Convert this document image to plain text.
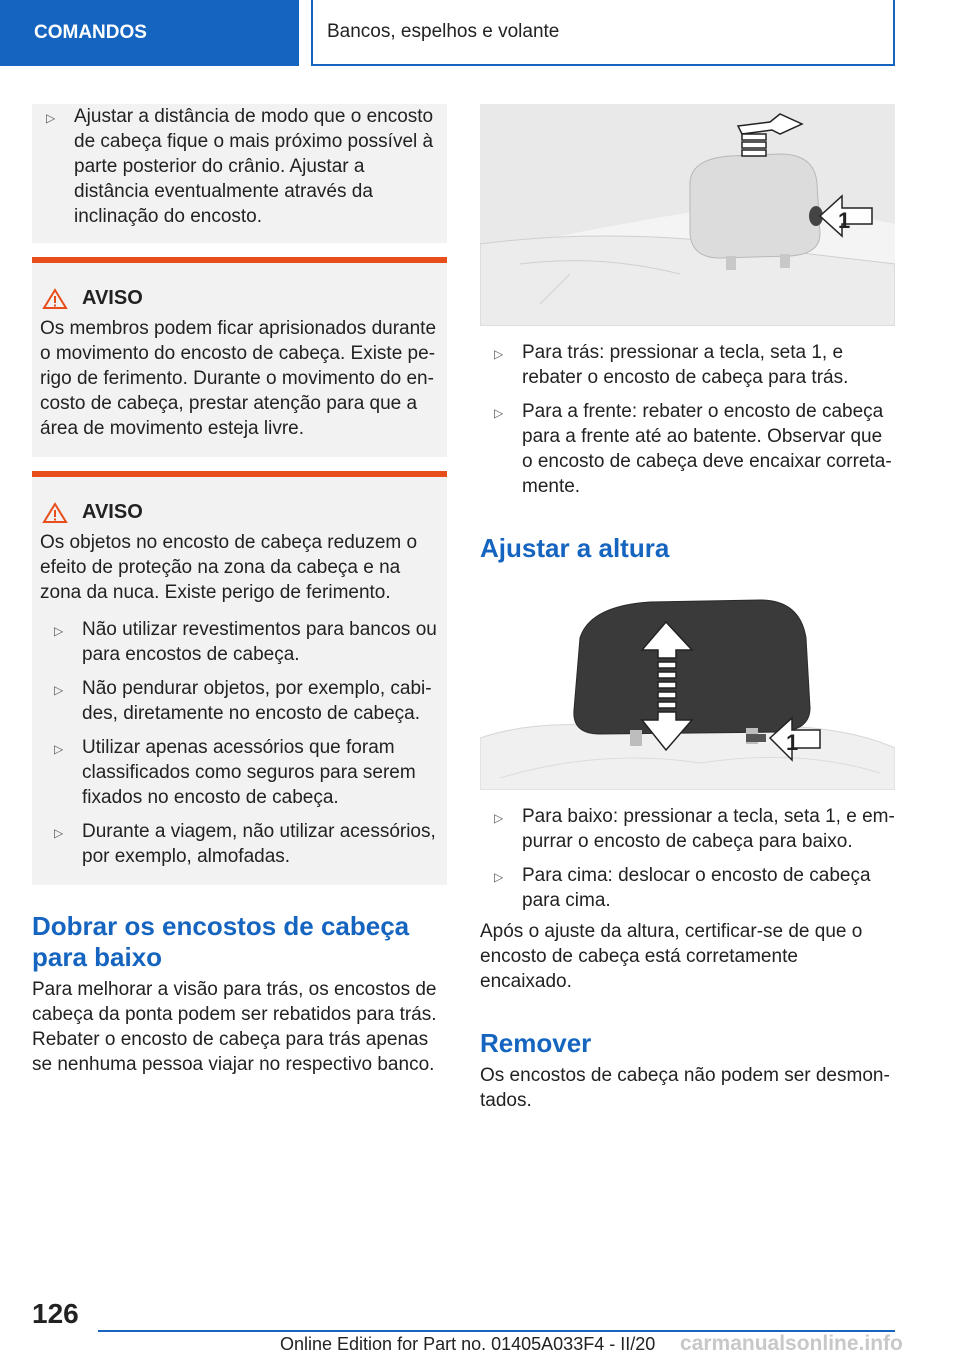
COMANDOS	Bancos, espelhos e volante

▷ Ajustar a distância de modo que o encosto de cabeça fique o mais próximo possível à parte posterior do crânio. Ajustar a distância eventualmente através da inclinação do encosto.

AVISO

Os membros podem ficar aprisionados durante o movimento do encosto de cabeça. Existe perigo de ferimento. Durante o movimento do encosto de cabeça, prestar atenção para que a área de movimento esteja livre.

AVISO

Os objetos no encosto de cabeça reduzem o efeito de proteção na zona da cabeça e na zona da nuca. Existe perigo de ferimento.

▷ Não utilizar revestimentos para bancos ou para encostos de cabeça.

▷ Não pendurar objetos, por exemplo, cabides, diretamente no encosto de cabeça.

▷ Utilizar apenas acessórios que foram classificados como seguros para serem fixados no encosto de cabeça.

▷ Durante a viagem, não utilizar acessórios, por exemplo, almofadas.

Dobrar os encostos de cabeça para baixo

Para melhorar a visão para trás, os encostos de cabeça da ponta podem ser rebatidos para trás. Rebater o encosto de cabeça para trás apenas se nenhuma pessoa viajar no respectivo banco.

1

▷ Para trás: pressionar a tecla, seta 1, e rebater o encosto de cabeça para trás.

▷ Para a frente: rebater o encosto de cabeça para a frente até ao batente. Observar que o encosto de cabeça deve encaixar corretamente.

Ajustar a altura
1

▷ Para baixo: pressionar a tecla, seta 1, e empurrar o encosto de cabeça para baixo.

▷ Para cima: deslocar o encosto de cabeça para cima.

Após o ajuste da altura, certificar-se de que o encosto de cabeça está corretamente encaixado.

Remover

Os encostos de cabeça não podem ser desmontados.

126
Online Edition for Part no. 01405A033F4 - II/20 carmanualsonline.info
